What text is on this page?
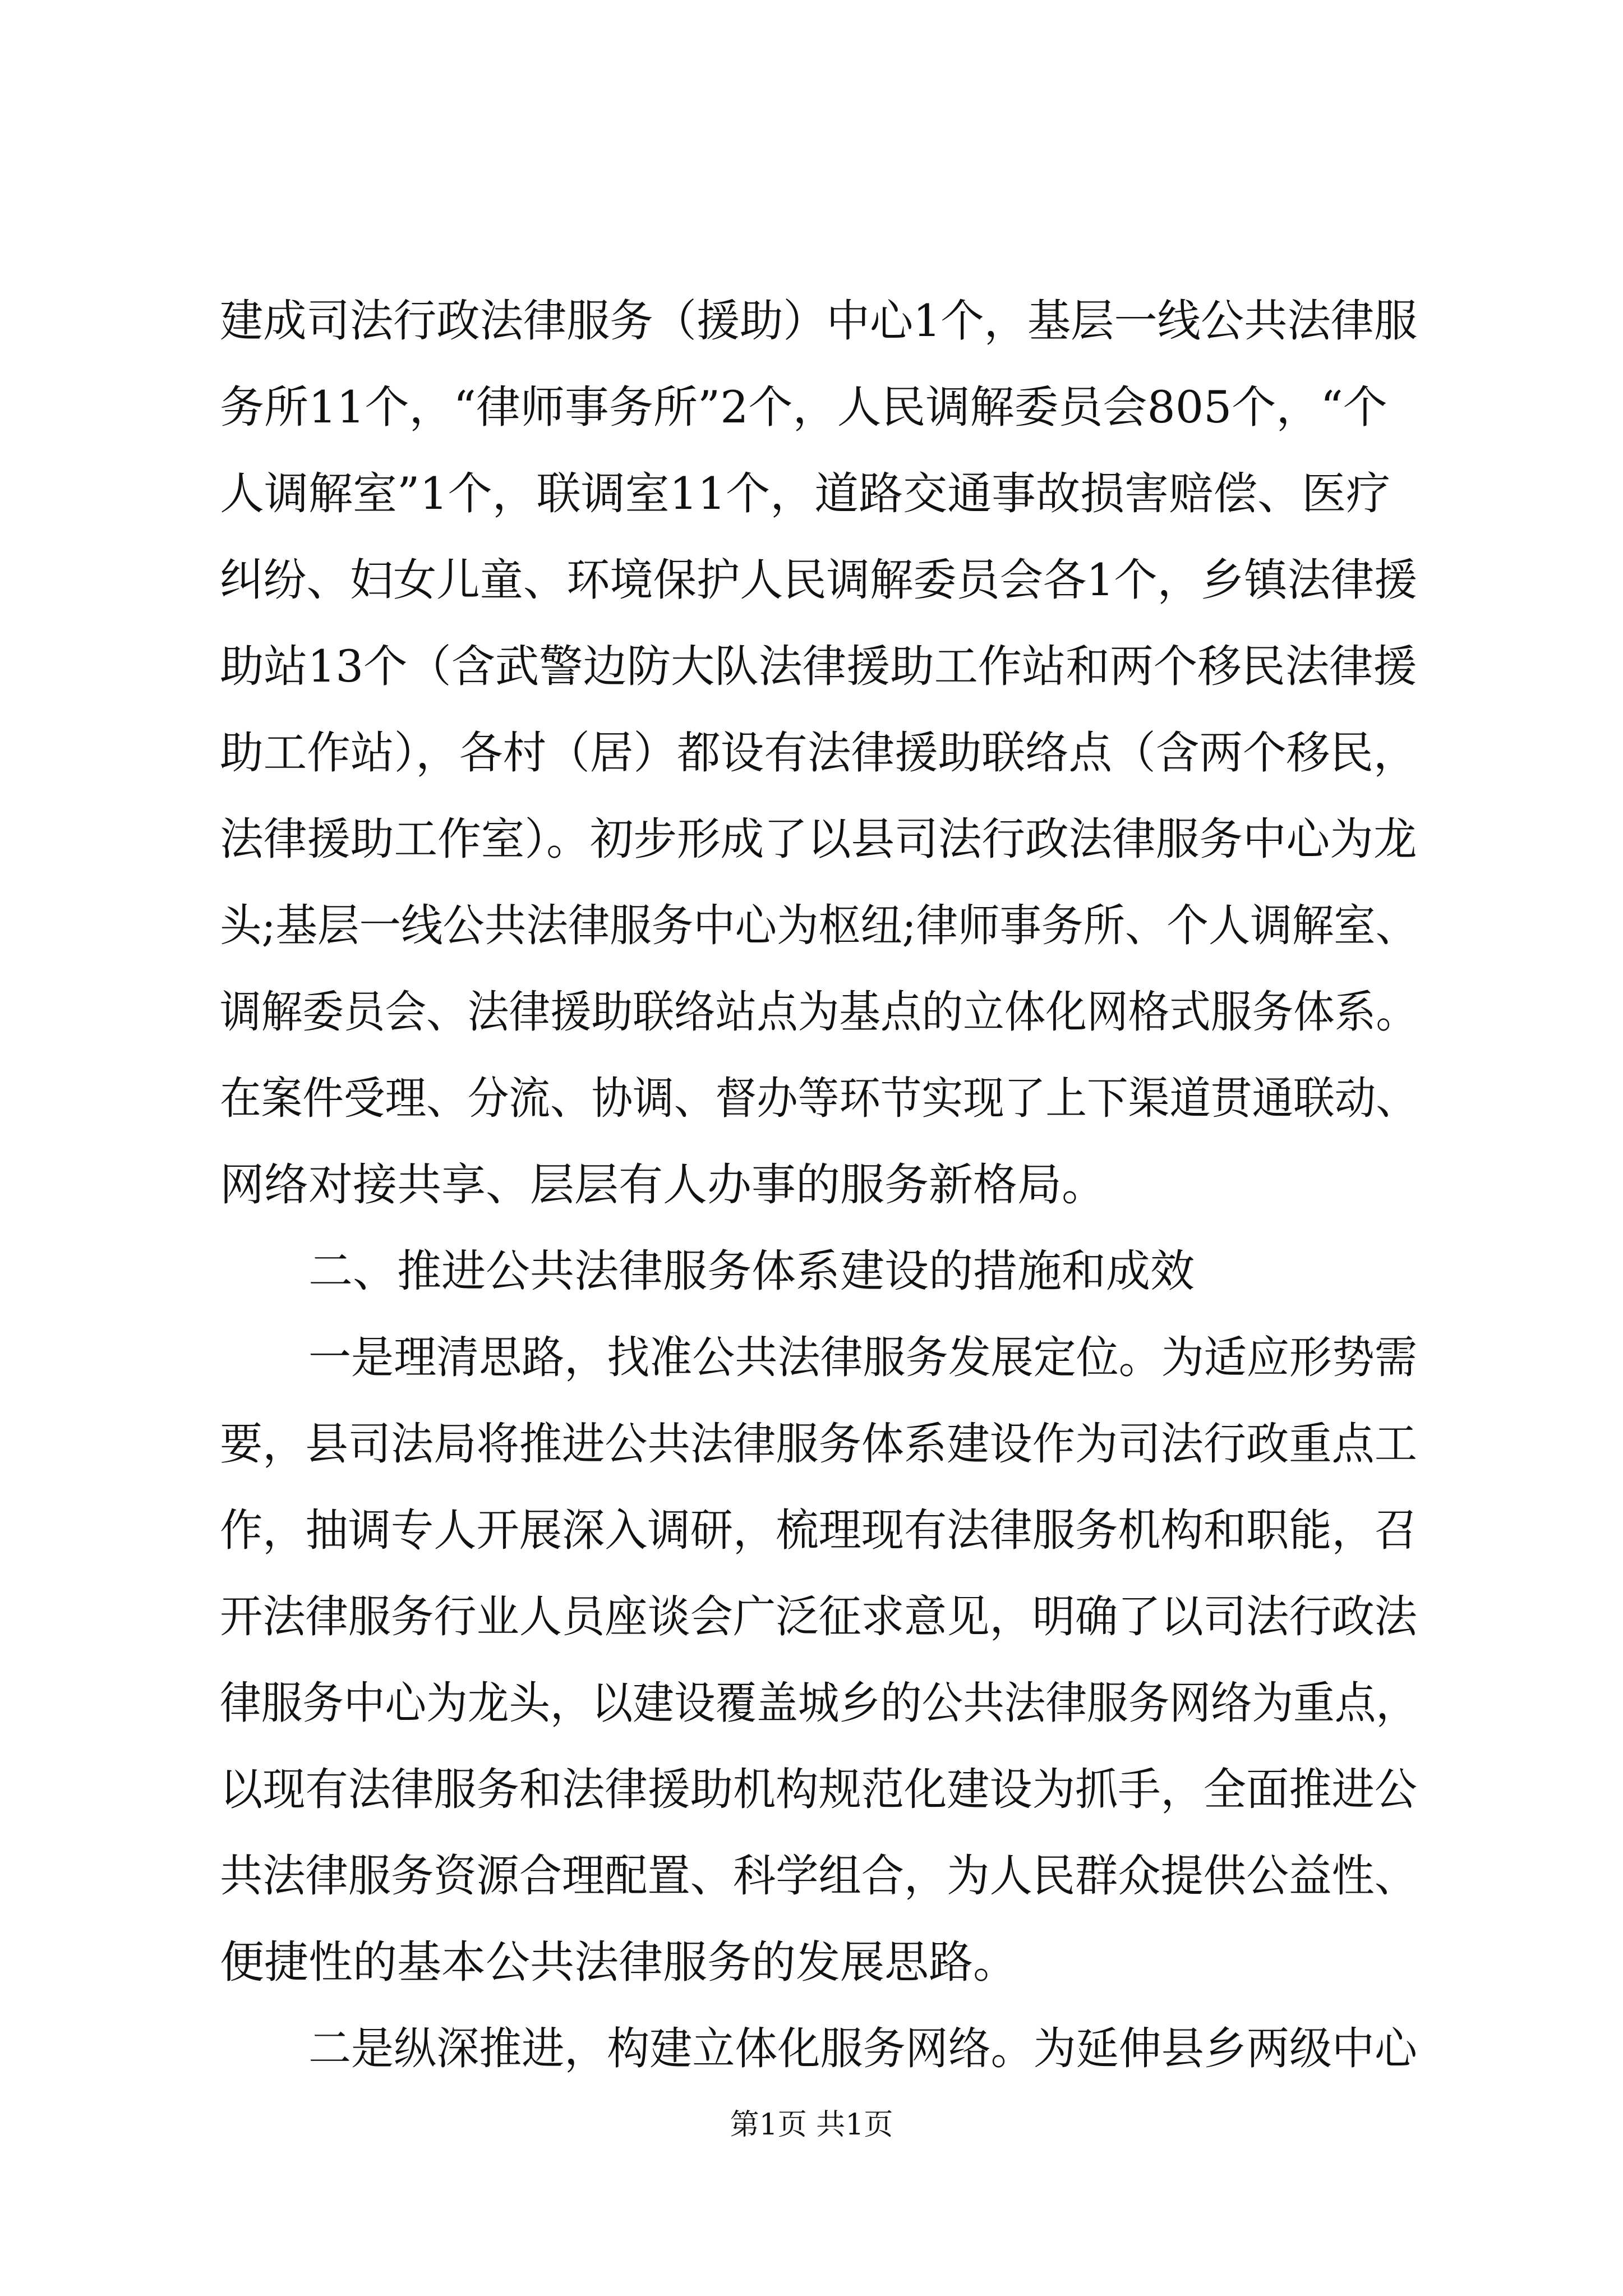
建成司法行政法律服务（援助）中心1个，基层一线公共法律服
务所11个，“律师事务所”2个，人民调解委员会805个，“个
人调解室”1个，联调室11个，道路交通事故损害赔偿、医疗
纠纷、妇女儿童、环境保护人民调解委员会各1个，乡镇法律援
助站13个（含武警边防大队法律援助工作站和两个移民法律援
助工作站），各村（居）都设有法律援助联络点（含两个移民，
法律援助工作室）。初步形成了以县司法行政法律服务中心为龙
头;基层一线公共法律服务中心为枢纽;律师事务所、个人调解室、
调解委员会、法律援助联络站点为基点的立体化网格式服务体系。
在案件受理、分流、协调、督办等环节实现了上下渠道贯通联动、
网络对接共享、层层有人办事的服务新格局。
二、推进公共法律服务体系建设的措施和成效
一是理清思路，找准公共法律服务发展定位。为适应形势需
要，县司法局将推进公共法律服务体系建设作为司法行政重点工
作，抽调专人开展深入调研，梳理现有法律服务机构和职能，召
开法律服务行业人员座谈会广泛征求意见，明确了以司法行政法
律服务中心为龙头，以建设覆盖城乡的公共法律服务网络为重点，
以现有法律服务和法律援助机构规范化建设为抓手，全面推进公
共法律服务资源合理配置、科学组合，为人民群众提供公益性、
便捷性的基本公共法律服务的发展思路。
二是纵深推进，构建立体化服务网络。为延伸县乡两级中心
第1页 共1页
